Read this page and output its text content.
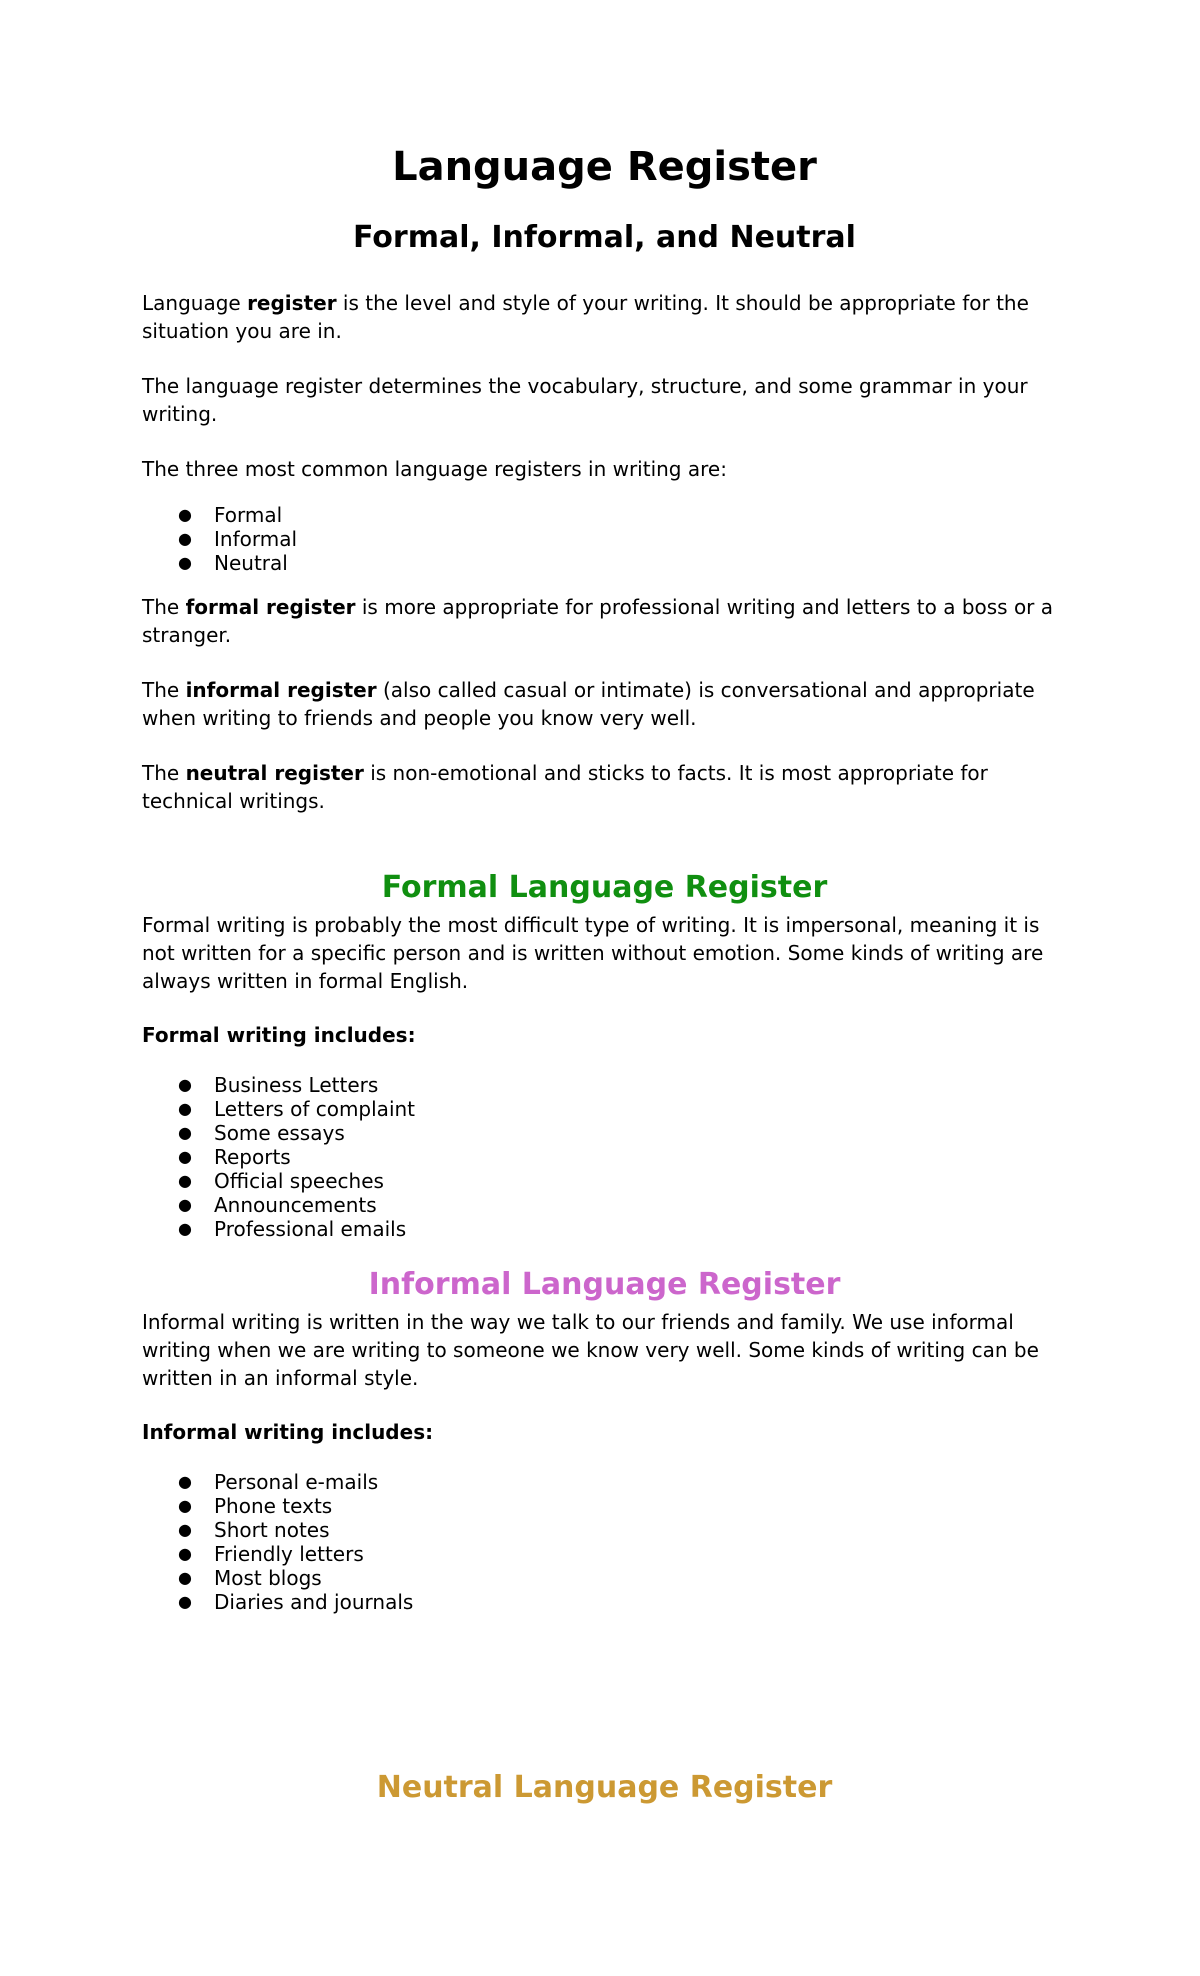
Language Register
Formal, Informal, and Neutral

Language register is the level and style of your writing. It should be appropriate for the situation you are in.

The language register determines the vocabulary, structure, and some grammar in your writing.

The three most common language registers in writing are:

● Formal
● Informal
● Neutral

The formal register is more appropriate for professional writing and letters to a boss or a stranger.

The informal register (also called casual or intimate) is conversational and appropriate when writing to friends and people you know very well.

The neutral register is non-emotional and sticks to facts. It is most appropriate for technical writings.

Formal Language Register

Formal writing is probably the most difficult type of writing. It is impersonal, meaning it is not written for a specific person and is written without emotion. Some kinds of writing are always written in formal English.

Formal writing includes:

● Business Letters
● Letters of complaint
● Some essays
● Reports
● Official speeches
● Announcements
● Professional emails
Informal Language Register

Informal writing is written in the way we talk to our friends and family. We use informal writing when we are writing to someone we know very well. Some kinds of writing can be written in an informal style.

Informal writing includes:

● Personal e-mails
● Phone texts
● Short notes
● Friendly letters
● Most blogs
● Diaries and journals
Neutral Language Register
